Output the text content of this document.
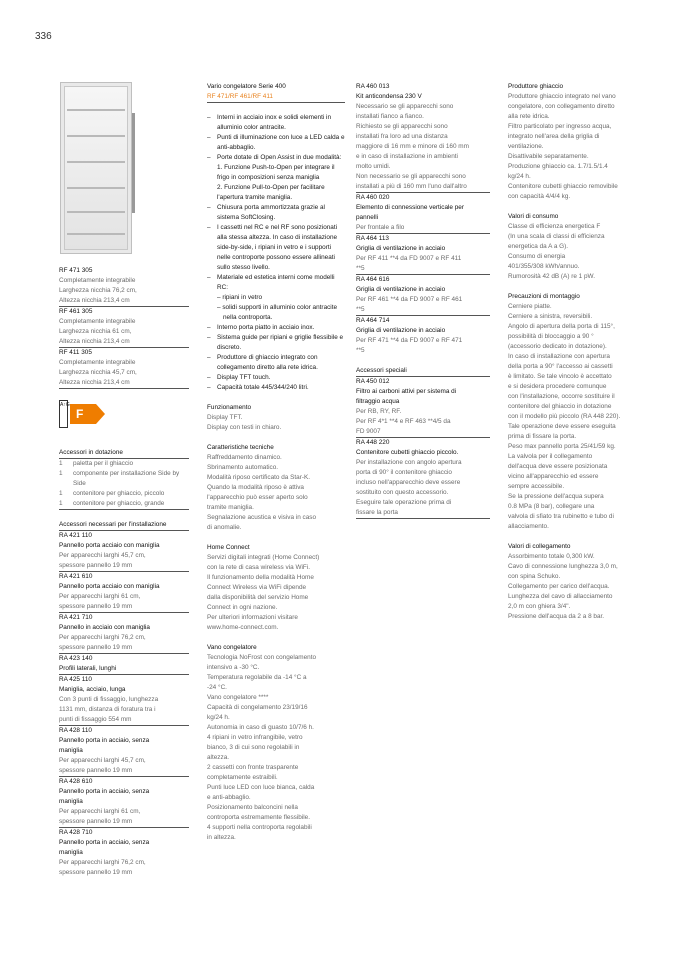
336
RF 471 305
Completamente integrabile
Larghezza nicchia 76,2 cm,
Altezza nicchia 213,4 cm
RF 461 305
Completamente integrabile
Larghezza nicchia 61 cm,
Altezza nicchia 213,4 cm
RF 411 305
Completamente integrabile
Larghezza nicchia 45,7 cm,
Altezza nicchia 213,4 cm
A↑G
F
Accessori in dotazione
1	paletta per il ghiaccio
1	componente per installazione Side by Side
1	contenitore per ghiaccio, piccolo
1	contenitore per ghiaccio, grande
Accessori necessari per l'installazione
RA 421 110
Pannello porta acciaio con maniglia
Per apparecchi larghi 45,7 cm,
spessore pannello 19 mm
RA 421 610
Pannello porta acciaio con maniglia
Per apparecchi larghi 61 cm,
spessore pannello 19 mm
RA 421 710
Pannello in acciaio con maniglia
Per apparecchi larghi 76,2 cm,
spessore pannello 19 mm
RA 423 140
Profili laterali, lunghi
RA 425 110
Maniglia, acciaio, lunga
Con 3 punti di fissaggio, lunghezza
1131 mm, distanza di foratura tra i
punti di fissaggio 554 mm
RA 428 110
Pannello porta in acciaio, senza
maniglia
Per apparecchi larghi 45,7 cm,
spessore pannello 19 mm
RA 428 610
Pannello porta in acciaio, senza
maniglia
Per apparecchi larghi 61 cm,
spessore pannello 19 mm
RA 428 710
Pannello porta in acciaio, senza
maniglia
Per apparecchi larghi 76,2 cm,
spessore pannello 19 mm
Vario congelatore Serie 400
RF 471/RF 461/RF 411
–	Interni in acciaio inox e solidi elementi in alluminio color antracite.
–	Punti di illuminazione con luce a LED calda e anti-abbaglio.
–	Porte dotate di Open Assist in due modalità:
1. Funzione Push-to-Open per integrare il frigo in composizioni senza maniglia
2. Funzione Pull-to-Open per facilitare l'apertura tramite maniglia.
–	Chiusura porta ammortizzata grazie al sistema SoftClosing.
–	I cassetti nel RC e nel RF sono posizionati alla stessa altezza. In caso di installazione side-by-side, i ripiani in vetro e i supporti nelle controporte possono essere allineati sullo stesso livello.
–	Materiale ed estetica interni come modelli RC:
– ripiani in vetro
– solidi supporti in alluminio color antracite nella controporta.
–	Interno porta piatto in acciaio inox.
–	Sistema guide per ripiani e griglie flessibile e discreto.
–	Produttore di ghiaccio integrato con collegamento diretto alla rete idrica.
–	Display TFT touch.
–	Capacità totale 445/344/240 litri.
Funzionamento
Display TFT.
Display con testi in chiaro.
Caratteristiche tecniche
Raffreddamento dinamico.
Sbrinamento automatico.
Modalità riposo certificato da Star-K.
Quando la modalità riposo è attiva
l'apparecchio può esser aperto solo
tramite maniglia.
Segnalazione acustica e visiva in caso
di anomalie.
Home Connect
Servizi digitali integrati (Home Connect)
con la rete di casa wireless via WiFi.
Il funzionamento della modalità Home
Connect Wireless via WiFi dipende
dalla disponibilità del servizio Home
Connect in ogni nazione.
Per ulteriori informazioni visitare
www.home-connect.com.
Vano congelatore
Tecnologia NoFrost con congelamento
intensivo a -30 °C.
Temperatura regolabile da -14 °C a
-24 °C.
Vano congelatore ****
Capacità di congelamento 23/19/16
kg/24 h.
Autonomia in caso di guasto 10/7/6 h.
4 ripiani in vetro infrangibile, vetro
bianco, 3 di cui sono regolabili in
altezza.
2 cassetti con fronte trasparente
completamente estraibili.
Punti luce LED con luce bianca, calda
e anti-abbaglio.
Posizionamento balconcini nella
controporta estremamente flessibile.
4 supporti nella controporta regolabili
in altezza.
RA 460 013
Kit anticondensa 230 V
Necessario se gli apparecchi sono
installati fianco a fianco.
Richiesto se gli apparecchi sono
installati fra loro ad una distanza
maggiore di 16 mm e minore di 160 mm
e in caso di installazione in ambienti
molto umidi.
Non necessario se gli apparecchi sono
installati a più di 160 mm l'uno dall'altro
RA 460 020
Elemento di connessione verticale per
pannelli
Per frontale a filo
RA 464 113
Griglia di ventilazione in acciaio
Per RF 411 **4 da FD 9007 e RF 411
**5
RA 464 616
Griglia di ventilazione in acciaio
Per RF 461 **4 da FD 9007 e RF 461
**5
RA 464 714
Griglia di ventilazione in acciaio
Per RF 471 **4 da FD 9007 e RF 471
**5
Accessori speciali
RA 450 012
Filtro ai carboni attivi per sistema di
filtraggio acqua
Per RB, RY, RF.
Per RF 4*1 **4 e RF 463 **4/5 da
FD 9007
RA 448 220
Contenitore cubetti ghiaccio piccolo.
Per installazione con angolo apertura
porta di 90° il contenitore ghiaccio
incluso nell'apparecchio deve essere
sostituito con questo accessorio.
Eseguire tale operazione prima di
fissare la porta
Produttore ghiaccio
Produttore ghiaccio integrato nel vano
congelatore, con collegamento diretto
alla rete idrica.
Filtro particolato per ingresso acqua,
integrato nell'area della griglia di
ventilazione.
Disattivabile separatamente.
Produzione ghiaccio ca. 1.7/1.5/1.4
kg/24 h.
Contenitore cubetti ghiaccio removibile
con capacità 4/4/4 kg.
Valori di consumo
Classe di efficienza energetica F
(In una scala di classi di efficienza
energetica da A a G).
Consumo di energia
401/355/308 kWh/annuo.
Rumorosità 42 dB (A) re 1 pW.
Precauzioni di montaggio
Cerniere piatte.
Cerniere a sinistra, reversibili.
Angolo di apertura della porta di 115°,
possibilità di bloccaggio a 90 °
(accessorio dedicato in dotazione).
In caso di installazione con apertura
della porta a 90° l'accesso ai cassetti
è limitato. Se tale vincolo è accettato
e si desidera procedere comunque
con l'installazione, occorre sostituire il
contenitore del ghiaccio in dotazione
con il modello più piccolo (RA 448 220).
Tale operazione deve essere eseguita
prima di fissare la porta.
Peso max pannello porta 25/41/59 kg.
La valvola per il collegamento
dell'acqua deve essere posizionata
vicino all'apparecchio ed essere
sempre accessibile.
Se la pressione dell'acqua supera
0.8 MPa (8 bar), collegare una
valvola di sfiato tra rubinetto e tubo di
allacciamento.
Valori di collegamento
Assorbimento totale 0,300 kW.
Cavo di connessione lunghezza 3,0 m,
con spina Schuko.
Collegamento per carico dell'acqua.
Lunghezza del cavo di allacciamento
2,0 m con ghiera 3/4".
Pressione dell'acqua da 2 a 8 bar.
